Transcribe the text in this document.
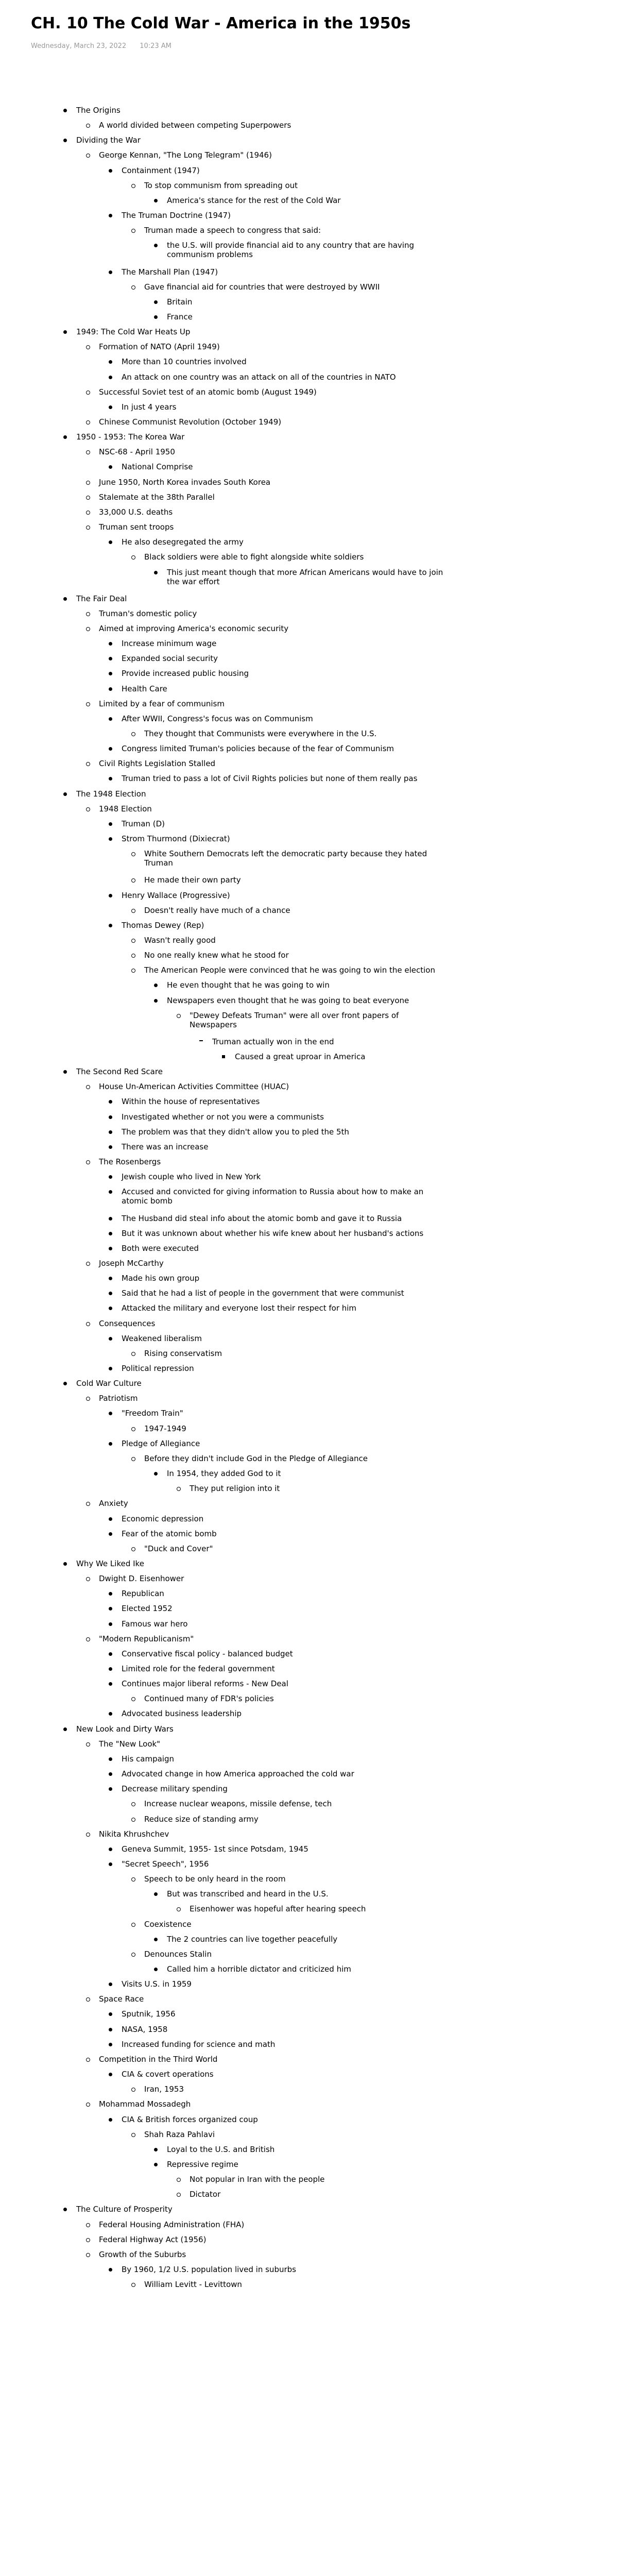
CH. 10 The Cold War - America in the 1950s
Wednesday, March 23, 2022 10:23 AM
The Origins
A world divided between competing Superpowers
Dividing the War
George Kennan, "The Long Telegram" (1946)
Containment (1947)
To stop communism from spreading out
America's stance for the rest of the Cold War
The Truman Doctrine (1947)
Truman made a speech to congress that said:
the U.S. will provide financial aid to any country that are having
communism problems
The Marshall Plan (1947)
Gave financial aid for countries that were destroyed by WWII
Britain
France
1949: The Cold War Heats Up
Formation of NATO (April 1949)
More than 10 countries involved
An attack on one country was an attack on all of the countries in NATO
Successful Soviet test of an atomic bomb (August 1949)
In just 4 years
Chinese Communist Revolution (October 1949)
1950 - 1953: The Korea War
NSC-68 - April 1950
National Comprise
June 1950, North Korea invades South Korea
Stalemate at the 38th Parallel
33,000 U.S. deaths
Truman sent troops
He also desegregated the army
Black soldiers were able to fight alongside white soldiers
This just meant though that more African Americans would have to join
the war effort
The Fair Deal
Truman's domestic policy
Aimed at improving America's economic security
Increase minimum wage
Expanded social security
Provide increased public housing
Health Care
Limited by a fear of communism
After WWII, Congress's focus was on Communism
They thought that Communists were everywhere in the U.S.
Congress limited Truman's policies because of the fear of Communism
Civil Rights Legislation Stalled
Truman tried to pass a lot of Civil Rights policies but none of them really pas
The 1948 Election
1948 Election
Truman (D)
Strom Thurmond (Dixiecrat)
White Southern Democrats left the democratic party because they hated
Truman
He made their own party
Henry Wallace (Progressive)
Doesn't really have much of a chance
Thomas Dewey (Rep)
Wasn't really good
No one really knew what he stood for
The American People were convinced that he was going to win the election
He even thought that he was going to win
Newspapers even thought that he was going to beat everyone
"Dewey Defeats Truman" were all over front papers of
Newspapers
Truman actually won in the end
Caused a great uproar in America
The Second Red Scare
House Un-American Activities Committee (HUAC)
Within the house of representatives
Investigated whether or not you were a communists
The problem was that they didn't allow you to pled the 5th
There was an increase
The Rosenbergs
Jewish couple who lived in New York
Accused and convicted for giving information to Russia about how to make an
atomic bomb
The Husband did steal info about the atomic bomb and gave it to Russia
But it was unknown about whether his wife knew about her husband's actions
Both were executed
Joseph McCarthy
Made his own group
Said that he had a list of people in the government that were communist
Attacked the military and everyone lost their respect for him
Consequences
Weakened liberalism
Rising conservatism
Political repression
Cold War Culture
Patriotism
"Freedom Train"
1947-1949
Pledge of Allegiance
Before they didn't include God in the Pledge of Allegiance
In 1954, they added God to it
They put religion into it
Anxiety
Economic depression
Fear of the atomic bomb
"Duck and Cover"
Why We Liked Ike
Dwight D. Eisenhower
Republican
Elected 1952
Famous war hero
"Modern Republicanism"
Conservative fiscal policy - balanced budget
Limited role for the federal government
Continues major liberal reforms - New Deal
Continued many of FDR's policies
Advocated business leadership
New Look and Dirty Wars
The "New Look"
His campaign
Advocated change in how America approached the cold war
Decrease military spending
Increase nuclear weapons, missile defense, tech
Reduce size of standing army
Nikita Khrushchev
Geneva Summit, 1955- 1st since Potsdam, 1945
"Secret Speech", 1956
Speech to be only heard in the room
But was transcribed and heard in the U.S.
Eisenhower was hopeful after hearing speech
Coexistence
The 2 countries can live together peacefully
Denounces Stalin
Called him a horrible dictator and criticized him
Visits U.S. in 1959
Space Race
Sputnik, 1956
NASA, 1958
Increased funding for science and math
Competition in the Third World
CIA & covert operations
Iran, 1953
Mohammad Mossadegh
CIA & British forces organized coup
Shah Raza Pahlavi
Loyal to the U.S. and British
Repressive regime
Not popular in Iran with the people
Dictator
The Culture of Prosperity
Federal Housing Administration (FHA)
Federal Highway Act (1956)
Growth of the Suburbs
By 1960, 1/2 U.S. population lived in suburbs
William Levitt - Levittown
